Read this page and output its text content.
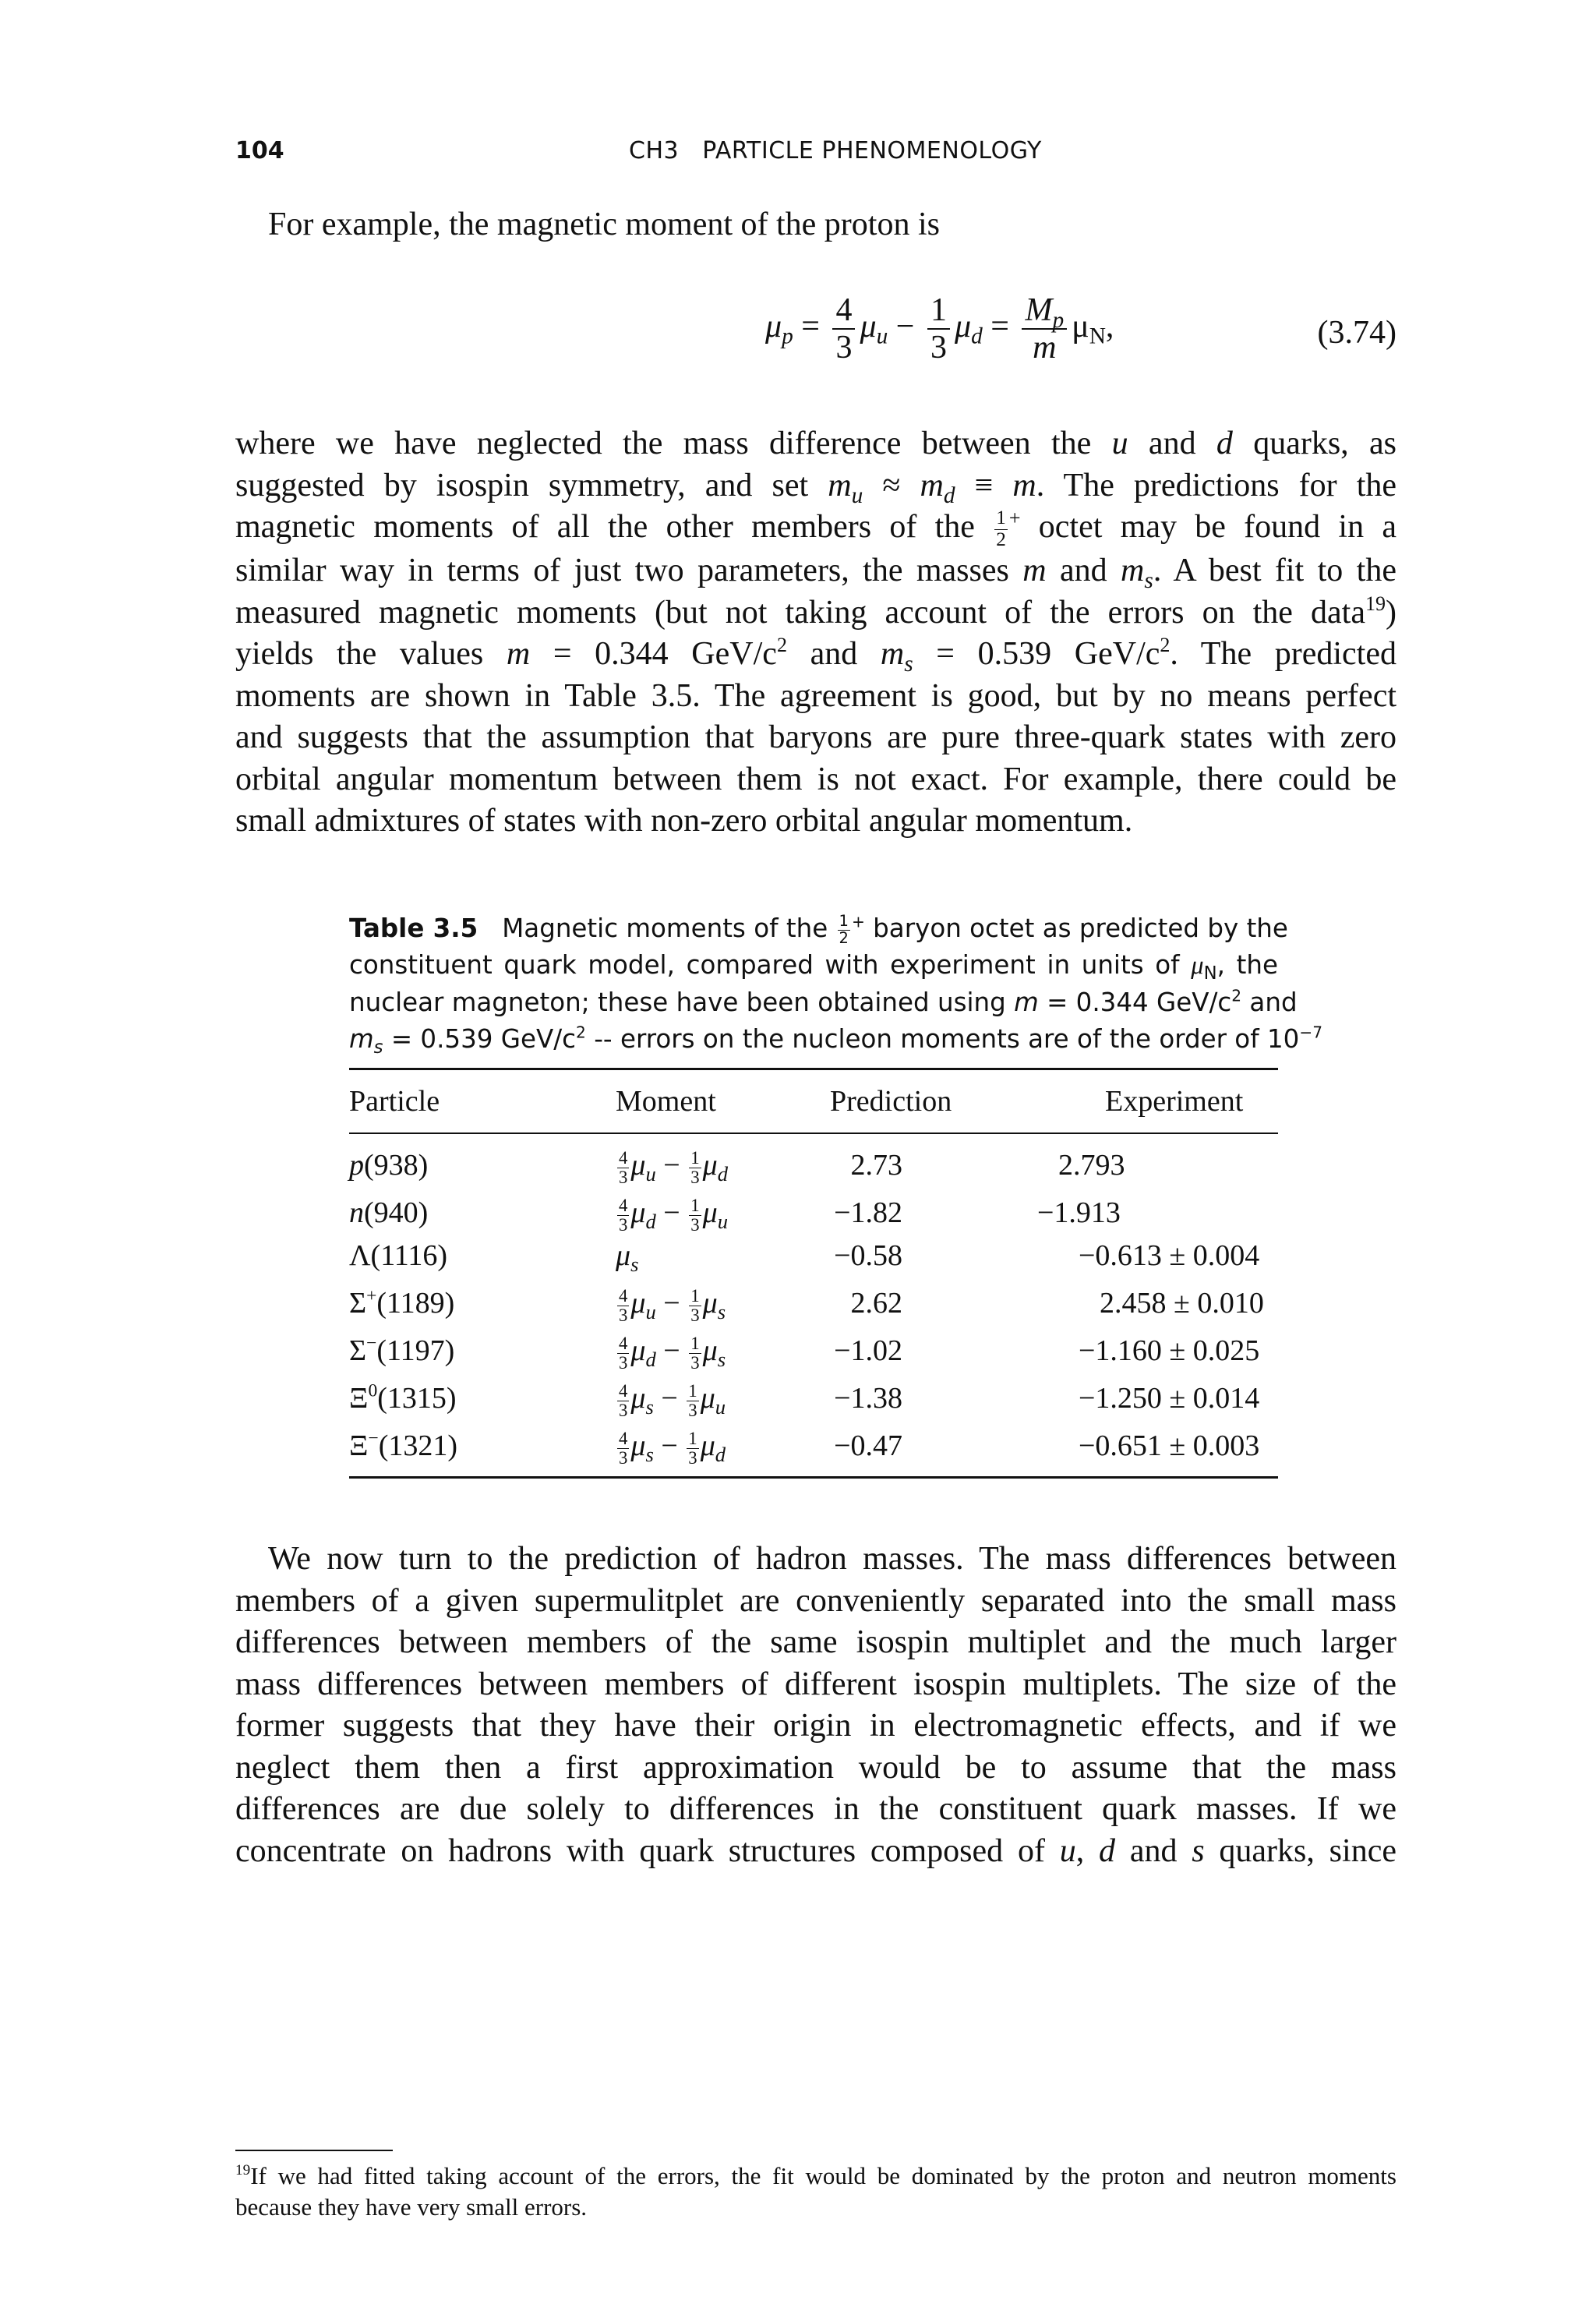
104	CH3   PARTICLE PHENOMENOLOGY
For example, the magnetic moment of the proton is
$\mu_p = \frac{4}{3} \mu_u - \frac{1}{3} \mu_d = \frac{M_p}{m} \mu_N$,	(3.74)
where we have neglected the mass difference between the u and d quarks, as
suggested by isospin symmetry, and set $m_u \approx m_d \equiv m$. The predictions for the
magnetic moments of all the other members of the $\frac{1}{2} ^+$ octet may be found in a
similar way in terms of just two parameters, the masses m and $m_s$. A best fit to the
measured magnetic moments (but not taking account of the errors on the data$^{19}$)
yields the values m = 0.344 GeV/$c^2$ and $m_s = 0.539$ GeV/$c^2$. The predicted
moments are shown in Table 3.5. The agreement is good, but by no means perfect
and suggests that the assumption that baryons are pure three-quark states with zero
orbital angular momentum between them is not exact. For example, there could be
small admixtures of states with non-zero orbital angular momentum.
Table 3.5   Magnetic moments of the $\frac{1}{2} ^+$ baryon octet as predicted by the
constituent quark model, compared with experiment in units of $\mu_N$, the
nuclear magneton; these have been obtained using m = 0.344 GeV/$c^2$ and
$m_s = 0.539$ GeV/$c^2$ -- errors on the nucleon moments are of the order of $10^{-7}$
Particle	Moment	Prediction	Experiment
p(938)	$\frac{4}{3} \mu_u - \frac{1}{3} \mu_d$	2.73	2.793
n(940)	$\frac{4}{3} \mu_d - \frac{1}{3} \mu_u$	−1.82	−1.913
Λ(1116)	$\mu_s$	−0.58	−0.613 ± 0.004
Σ+(1189)	$\frac{4}{3} \mu_u - \frac{1}{3} \mu_s$	2.62	2.458 ± 0.010
Σ−(1197)	$\frac{4}{3} \mu_d - \frac{1}{3} \mu_s$	−1.02	−1.160 ± 0.025
$\Xi^0(1315)$	$\frac{4}{3} \mu_s - \frac{1}{3} \mu_u$	−1.38	−1.250 ± 0.014
Ξ−(1321)	$\frac{4}{3} \mu_s - \frac{1}{3} \mu_d$	−0.47	−0.651 ± 0.003
We now turn to the prediction of hadron masses. The mass differences between
members of a given supermulitplet are conveniently separated into the small mass
differences between members of the same isospin multiplet and the much larger
mass differences between members of different isospin multiplets. The size of the
former suggests that they have their origin in electromagnetic effects, and if we
neglect them then a first approximation would be to assume that the mass
differences are due solely to differences in the constituent quark masses. If we
concentrate on hadrons with quark structures composed of u, d and s quarks, since
$^{19}$If we had fitted taking account of the errors, the fit would be dominated by the proton and neutron moments
because they have very small errors.
